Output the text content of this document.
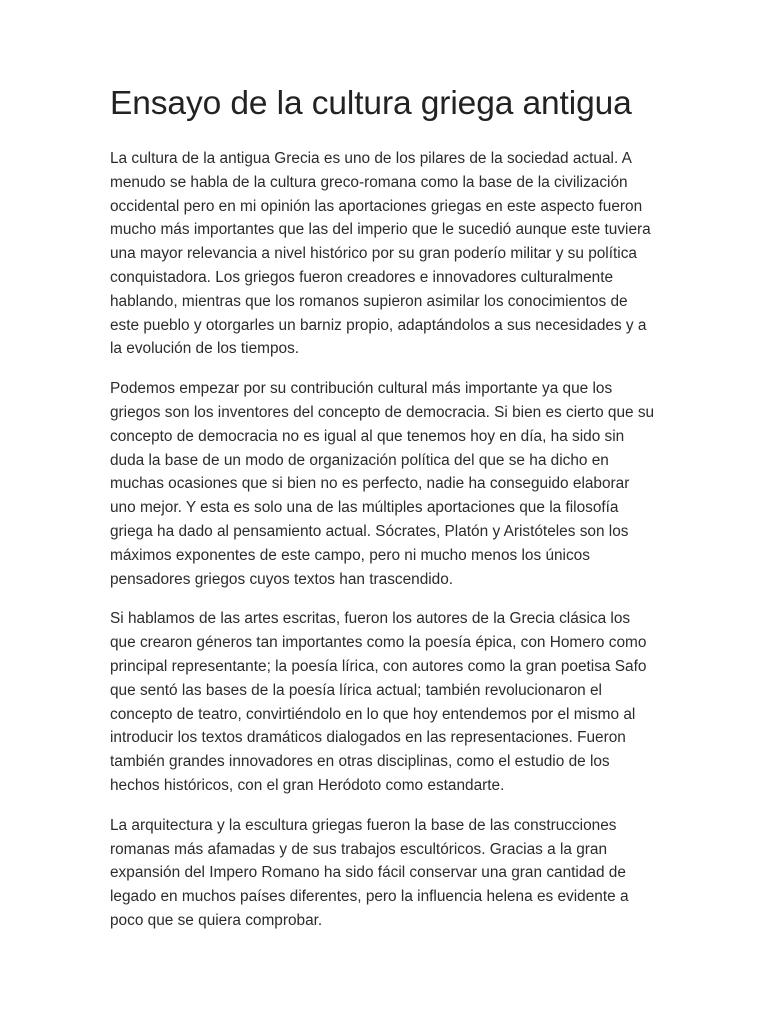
Ensayo de la cultura griega antigua

La cultura de la antigua Grecia es uno de los pilares de la sociedad actual. A
menudo se habla de la cultura greco-romana como la base de la civilización
occidental pero en mi opinión las aportaciones griegas en este aspecto fueron
mucho más importantes que las del imperio que le sucedió aunque este tuviera
una mayor relevancia a nivel histórico por su gran poderío militar y su política
conquistadora. Los griegos fueron creadores e innovadores culturalmente
hablando, mientras que los romanos supieron asimilar los conocimientos de
este pueblo y otorgarles un barniz propio, adaptándolos a sus necesidades y a
la evolución de los tiempos.

Podemos empezar por su contribución cultural más importante ya que los
griegos son los inventores del concepto de democracia. Si bien es cierto que su
concepto de democracia no es igual al que tenemos hoy en día, ha sido sin
duda la base de un modo de organización política del que se ha dicho en
muchas ocasiones que si bien no es perfecto, nadie ha conseguido elaborar
uno mejor. Y esta es solo una de las múltiples aportaciones que la filosofía
griega ha dado al pensamiento actual. Sócrates, Platón y Aristóteles son los
máximos exponentes de este campo, pero ni mucho menos los únicos
pensadores griegos cuyos textos han trascendido.

Si hablamos de las artes escritas, fueron los autores de la Grecia clásica los
que crearon géneros tan importantes como la poesía épica, con Homero como
principal representante; la poesía lírica, con autores como la gran poetisa Safo
que sentó las bases de la poesía lírica actual; también revolucionaron el
concepto de teatro, convirtiéndolo en lo que hoy entendemos por el mismo al
introducir los textos dramáticos dialogados en las representaciones. Fueron
también grandes innovadores en otras disciplinas, como el estudio de los
hechos históricos, con el gran Heródoto como estandarte.

La arquitectura y la escultura griegas fueron la base de las construcciones
romanas más afamadas y de sus trabajos escultóricos. Gracias a la gran
expansión del Impero Romano ha sido fácil conservar una gran cantidad de
legado en muchos países diferentes, pero la influencia helena es evidente a
poco que se quiera comprobar.
